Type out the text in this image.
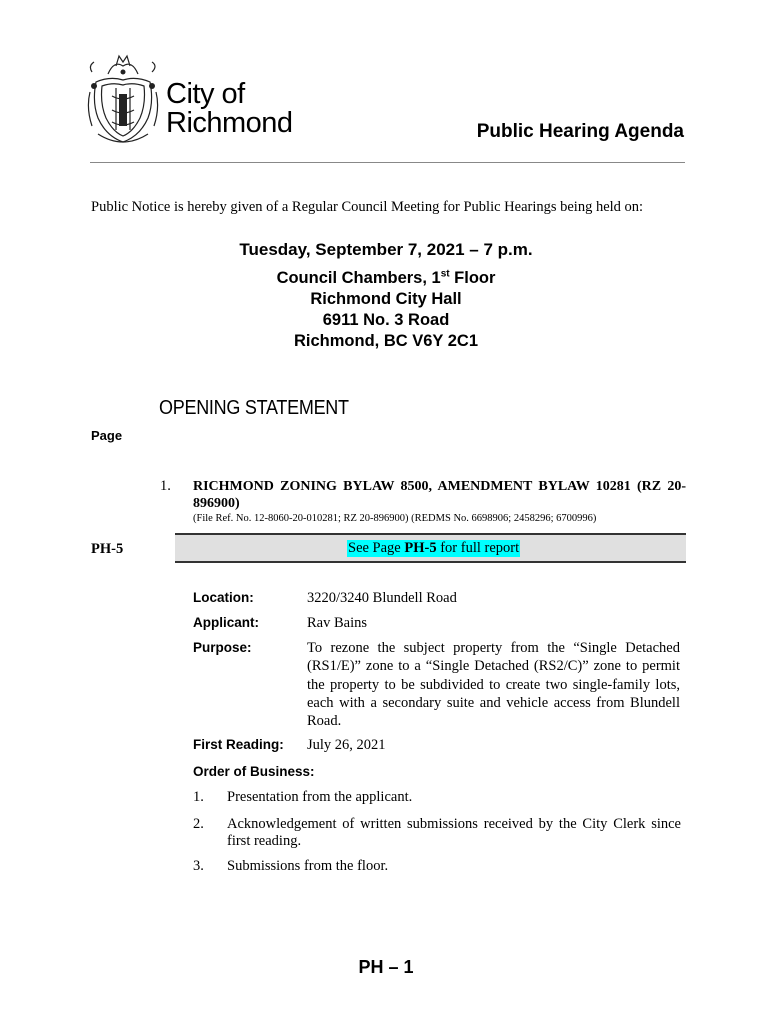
City of
Richmond	Public Hearing Agenda
Public Notice is hereby given of a Regular Council Meeting for Public Hearings being held on:
Tuesday, September 7, 2021 – 7 p.m.
Council Chambers, 1st Floor
Richmond City Hall
6911 No. 3 Road
Richmond, BC V6Y 2C1
OPENING STATEMENT
Page
1. RICHMOND ZONING BYLAW 8500, AMENDMENT BYLAW 10281 (RZ 20-896900)
(File Ref. No. 12-8060-20-010281; RZ 20-896900) (REDMS No. 6698906; 2458296; 6700996)
PH-5	See Page PH-5 for full report
Location:	3220/3240 Blundell Road
Applicant:	Rav Bains
Purpose:	To rezone the subject property from the “Single Detached (RS1/E)” zone to a “Single Detached (RS2/C)” zone to permit the property to be subdivided to create two single-family lots, each with a secondary suite and vehicle access from Blundell Road.
First Reading: July 26, 2021
Order of Business:
1. Presentation from the applicant.
2. Acknowledgement of written submissions received by the City Clerk since first reading.
3. Submissions from the floor.
PH – 1
